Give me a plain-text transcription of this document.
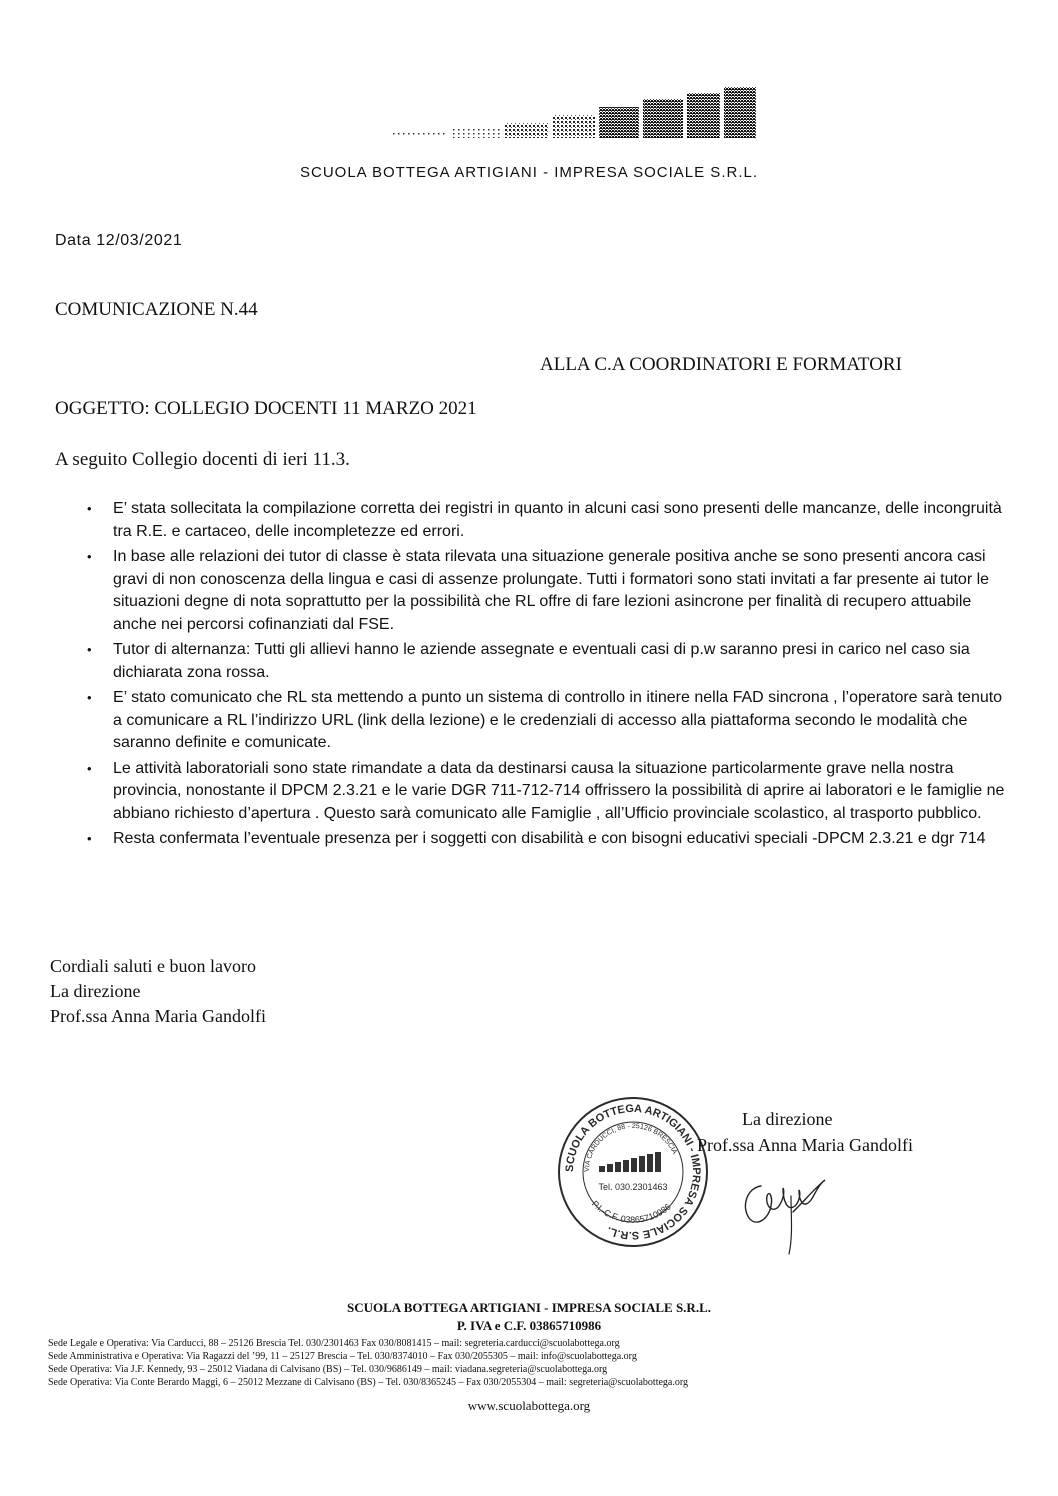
SCUOLA BOTTEGA ARTIGIANI - IMPRESA SOCIALE S.R.L.
Data 12/03/2021
COMUNICAZIONE N.44
ALLA C.A COORDINATORI E FORMATORI
OGGETTO: COLLEGIO DOCENTI 11 MARZO 2021
A seguito Collegio docenti di ieri 11.3.
• E’ stata sollecitata la compilazione corretta dei registri in quanto in alcuni casi sono presenti delle mancanze, delle incongruità tra R.E. e cartaceo, delle incompletezze ed errori.
• In base alle relazioni dei tutor di classe è stata rilevata una situazione generale positiva anche se sono presenti ancora casi gravi di non conoscenza della lingua e casi di assenze prolungate. Tutti i formatori sono stati invitati a far presente ai tutor le situazioni degne di nota soprattutto per la possibilità che RL offre di fare lezioni asincrone per finalità di recupero attuabile anche nei percorsi cofinanziati dal FSE.
• Tutor di alternanza: Tutti gli allievi hanno le aziende assegnate e eventuali casi di p.w saranno presi in carico nel caso sia dichiarata zona rossa.
• E’ stato comunicato che RL sta mettendo a punto un sistema di controllo in itinere nella FAD sincrona , l’operatore sarà tenuto a comunicare a RL l’indirizzo URL (link della lezione) e le credenziali di accesso alla piattaforma secondo le modalità che saranno definite e comunicate.
• Le attività laboratoriali sono state rimandate a data da destinarsi causa la situazione particolarmente grave nella nostra provincia, nonostante il DPCM 2.3.21 e le varie DGR 711-712-714 offrissero la possibilità di aprire ai laboratori e le famiglie ne abbiano richiesto d’apertura . Questo sarà comunicato alle Famiglie , all’Ufficio provinciale scolastico, al trasporto pubblico.
• Resta confermata l’eventuale presenza per i soggetti con disabilità e con bisogni educativi speciali -DPCM 2.3.21 e dgr 714
Cordiali saluti e buon lavoro
La direzione
Prof.ssa Anna Maria Gandolfi
SCUOLA BOTTEGA ARTIGIANI - IMPRESA SOCIALE S.R.L.
VIA CARDUCCI, 88 - 25126 BRESCIA
Tel. 030.2301463
P.I.-C.F. 03865710986
La direzione
Prof.ssa Anna Maria Gandolfi
SCUOLA BOTTEGA ARTIGIANI - IMPRESA SOCIALE S.R.L.
P. IVA e C.F. 03865710986
Sede Legale e Operativa: Via Carducci, 88 – 25126 Brescia Tel. 030/2301463 Fax 030/8081415 – mail: segreteria.carducci@scuolabottega.org
Sede Amministrativa e Operativa: Via Ragazzi del ’99, 11 – 25127 Brescia – Tel. 030/8374010 – Fax 030/2055305 – mail: info@scuolabottega.org
Sede Operativa: Via J.F. Kennedy, 93 – 25012 Viadana di Calvisano (BS) – Tel. 030/9686149 – mail: viadana.segreteria@scuolabottega.org
Sede Operativa: Via Conte Berardo Maggi, 6 – 25012 Mezzane di Calvisano (BS) – Tel. 030/8365245 – Fax 030/2055304 – mail: segreteria@scuolabottega.org
www.scuolabottega.org
